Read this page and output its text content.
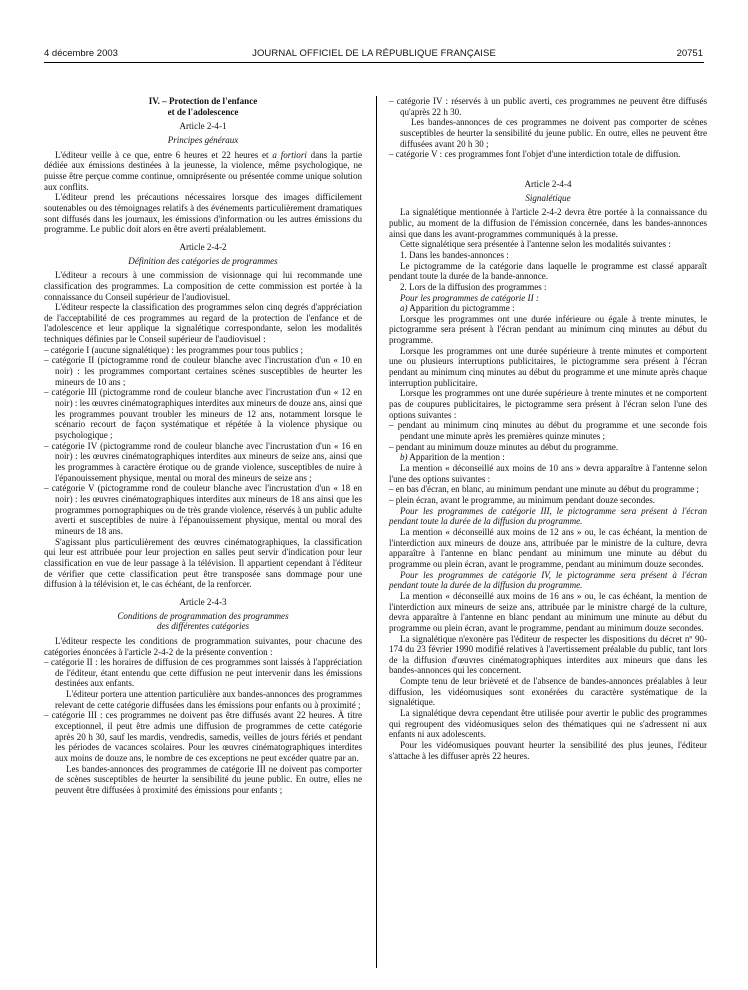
4 décembre 2003	JOURNAL OFFICIEL DE LA RÉPUBLIQUE FRANÇAISE	20751

IV. – Protection de l'enfance

et de l'adolescence

Article 2-4-1

Principes généraux

L'éditeur veille à ce que, entre 6 heures et 22 heures et a fortiori dans la partie dédiée aux émissions destinées à la jeunesse, la violence, même psychologique, ne puisse être perçue comme continue, omniprésente ou présentée comme unique solution aux conflits.

L'éditeur prend les précautions nécessaires lorsque des images difficilement soutenables ou des témoignages relatifs à des événements particulièrement dramatiques sont diffusés dans les journaux, les émissions d'information ou les autres émissions du programme. Le public doit alors en être averti préalablement.

Article 2-4-2

Définition des catégories de programmes

L'éditeur a recours à une commission de visionnage qui lui recommande une classification des programmes. La composition de cette commission est portée à la connaissance du Conseil supérieur de l'audiovisuel.

L'éditeur respecte la classification des programmes selon cinq degrés d'appréciation de l'acceptabilité de ces programmes au regard de la protection de l'enfance et de l'adolescence et leur applique la signalétique correspondante, selon les modalités techniques définies par le Conseil supérieur de l'audiovisuel :

– catégorie I (aucune signalétique) : les programmes pour tous publics ;
– catégorie II (pictogramme rond de couleur blanche avec l'incrustation d'un « 10 en noir) : les programmes comportant certaines scènes susceptibles de heurter les mineurs de 10 ans ;
– catégorie III (pictogramme rond de couleur blanche avec l'incrustation d'un « 12 en noir) : les œuvres cinématographiques interdites aux mineurs de douze ans, ainsi que les programmes pouvant troubler les mineurs de 12 ans, notamment lorsque le scénario recourt de façon systématique et répétée à la violence physique ou psychologique ;
– catégorie IV (pictogramme rond de couleur blanche avec l'incrustation d'un « 16 en noir) : les œuvres cinématographiques interdites aux mineurs de seize ans, ainsi que les programmes à caractère érotique ou de grande violence, susceptibles de nuire à l'épanouissement physique, mental ou moral des mineurs de seize ans ;
– catégorie V (pictogramme rond de couleur blanche avec l'incrustation d'un « 18 en noir) : les œuvres cinématographiques interdites aux mineurs de 18 ans ainsi que les programmes pornographiques ou de très grande violence, réservés à un public adulte averti et susceptibles de nuire à l'épanouissement physique, mental ou moral des mineurs de 18 ans.

S'agissant plus particulièrement des œuvres cinématographiques, la classification qui leur est attribuée pour leur projection en salles peut servir d'indication pour leur classification en vue de leur passage à la télévision. Il appartient cependant à l'éditeur de vérifier que cette classification peut être transposée sans dommage pour une diffusion à la télévision et, le cas échéant, de la renforcer.

Article 2-4-3

Conditions de programmation des programmes

des différentes catégories

L'éditeur respecte les conditions de programmation suivantes, pour chacune des catégories énoncées à l'article 2-4-2 de la présente convention :

– catégorie II : les horaires de diffusion de ces programmes sont laissés à l'appréciation de l'éditeur, étant entendu que cette diffusion ne peut intervenir dans les émissions destinées aux enfants.
L'éditeur portera une attention particulière aux bandes-annonces des programmes relevant de cette catégorie diffusées dans les émissions pour enfants ou à proximité ;
– catégorie III : ces programmes ne doivent pas être diffusés avant 22 heures. À titre exceptionnel, il peut être admis une diffusion de programmes de cette catégorie après 20 h 30, sauf les mardis, vendredis, samedis, veilles de jours fériés et pendant les périodes de vacances scolaires. Pour les œuvres cinématographiques interdites aux moins de douze ans, le nombre de ces exceptions ne peut excéder quatre par an.
Les bandes-annonces des programmes de catégorie III ne doivent pas comporter de scènes susceptibles de heurter la sensibilité du jeune public. En outre, elles ne peuvent être diffusées à proximité des émissions pour enfants ;
– catégorie IV : réservés à un public averti, ces programmes ne peuvent être diffusés qu'après 22 h 30.
Les bandes-annonces de ces programmes ne doivent pas comporter de scènes susceptibles de heurter la sensibilité du jeune public. En outre, elles ne peuvent être diffusées avant 20 h 30 ;
– catégorie V : ces programmes font l'objet d'une interdiction totale de diffusion.

Article 2-4-4

Signalétique

La signalétique mentionnée à l'article 2-4-2 devra être portée à la connaissance du public, au moment de la diffusion de l'émission concernée, dans les bandes-annonces ainsi que dans les avant-programmes communiqués à la presse.

Cette signalétique sera présentée à l'antenne selon les modalités suivantes :

1. Dans les bandes-annonces :

Le pictogramme de la catégorie dans laquelle le programme est classé apparaît pendant toute la durée de la bande-annonce.

2. Lors de la diffusion des programmes :

Pour les programmes de catégorie II :

a) Apparition du pictogramme :

Lorsque les programmes ont une durée inférieure ou égale à trente minutes, le pictogramme sera présent à l'écran pendant au minimum cinq minutes au début du programme.

Lorsque les programmes ont une durée supérieure à trente minutes et comportent une ou plusieurs interruptions publicitaires, le pictogramme sera présent à l'écran pendant au minimum cinq minutes au début du programme et une minute après chaque interruption publicitaire.

Lorsque les programmes ont une durée supérieure à trente minutes et ne comportent pas de coupures publicitaires, le pictogramme sera présent à l'écran selon l'une des options suivantes :

– pendant au minimum cinq minutes au début du programme et une seconde fois pendant une minute après les premières quinze minutes ;
– pendant au minimum douze minutes au début du programme.

b) Apparition de la mention :

La mention « déconseillé aux moins de 10 ans » devra apparaître à l'antenne selon l'une des options suivantes :

– en bas d'écran, en blanc, au minimum pendant une minute au début du programme ;
– plein écran, avant le programme, au minimum pendant douze secondes.

Pour les programmes de catégorie III, le pictogramme sera présent à l'écran pendant toute la durée de la diffusion du programme.

La mention « déconseillé aux moins de 12 ans » ou, le cas échéant, la mention de l'interdiction aux mineurs de douze ans, attribuée par le ministre de la culture, devra apparaître à l'antenne en blanc pendant au minimum une minute au début du programme ou plein écran, avant le programme, pendant au minimum douze secondes.

Pour les programmes de catégorie IV, le pictogramme sera présent à l'écran pendant toute la durée de la diffusion du programme.

La mention « déconseillé aux moins de 16 ans » ou, le cas échéant, la mention de l'interdiction aux mineurs de seize ans, attribuée par le ministre chargé de la culture, devra apparaître à l'antenne en blanc pendant au minimum une minute au début du programme ou plein écran, avant le programme, pendant au minimum douze secondes.

La signalétique n'exonère pas l'éditeur de respecter les dispositions du décret nº 90-174 du 23 février 1990 modifié relatives à l'avertissement préalable du public, tant lors de la diffusion d'œuvres cinématographiques interdites aux mineurs que dans les bandes-annonces qui les concernent.

Compte tenu de leur brièveté et de l'absence de bandes-annonces préalables à leur diffusion, les vidéomusiques sont exonérées du caractère systématique de la signalétique.

La signalétique devra cependant être utilisée pour avertir le public des programmes qui regroupent des vidéomusiques selon des thématiques qui ne s'adressent ni aux enfants ni aux adolescents.

Pour les vidéomusiques pouvant heurter la sensibilité des plus jeunes, l'éditeur s'attache à les diffuser après 22 heures.
